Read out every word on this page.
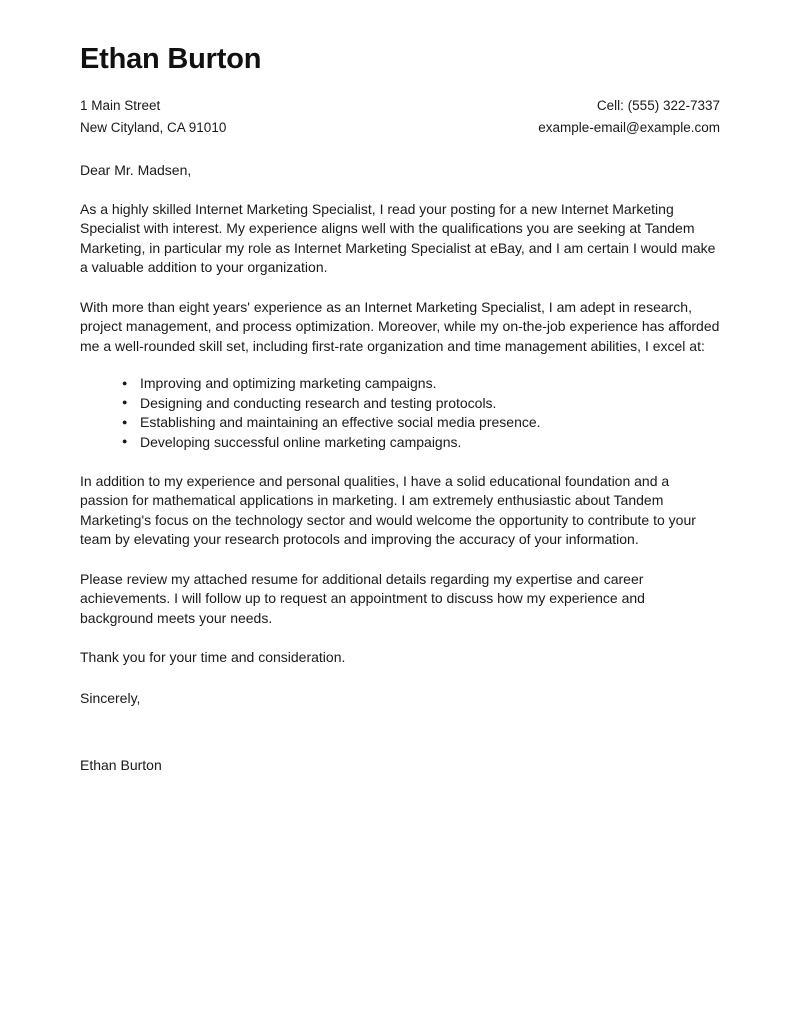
Ethan Burton
1 Main Street	Cell: (555) 322-7337
New Cityland, CA 91010	example-email@example.com

Dear Mr. Madsen,

As a highly skilled Internet Marketing Specialist, I read your posting for a new Internet Marketing Specialist with interest. My experience aligns well with the qualifications you are seeking at Tandem Marketing, in particular my role as Internet Marketing Specialist at eBay, and I am certain I would make a valuable addition to your organization.

With more than eight years' experience as an Internet Marketing Specialist, I am adept in research, project management, and process optimization. Moreover, while my on-the-job experience has afforded me a well-rounded skill set, including first-rate organization and time management abilities, I excel at:

● Improving and optimizing marketing campaigns.
● Designing and conducting research and testing protocols.
● Establishing and maintaining an effective social media presence.
● Developing successful online marketing campaigns.

In addition to my experience and personal qualities, I have a solid educational foundation and a passion for mathematical applications in marketing. I am extremely enthusiastic about Tandem Marketing's focus on the technology sector and would welcome the opportunity to contribute to your team by elevating your research protocols and improving the accuracy of your information.

Please review my attached resume for additional details regarding my expertise and career achievements. I will follow up to request an appointment to discuss how my experience and background meets your needs.

Thank you for your time and consideration.

Sincerely,

Ethan Burton
